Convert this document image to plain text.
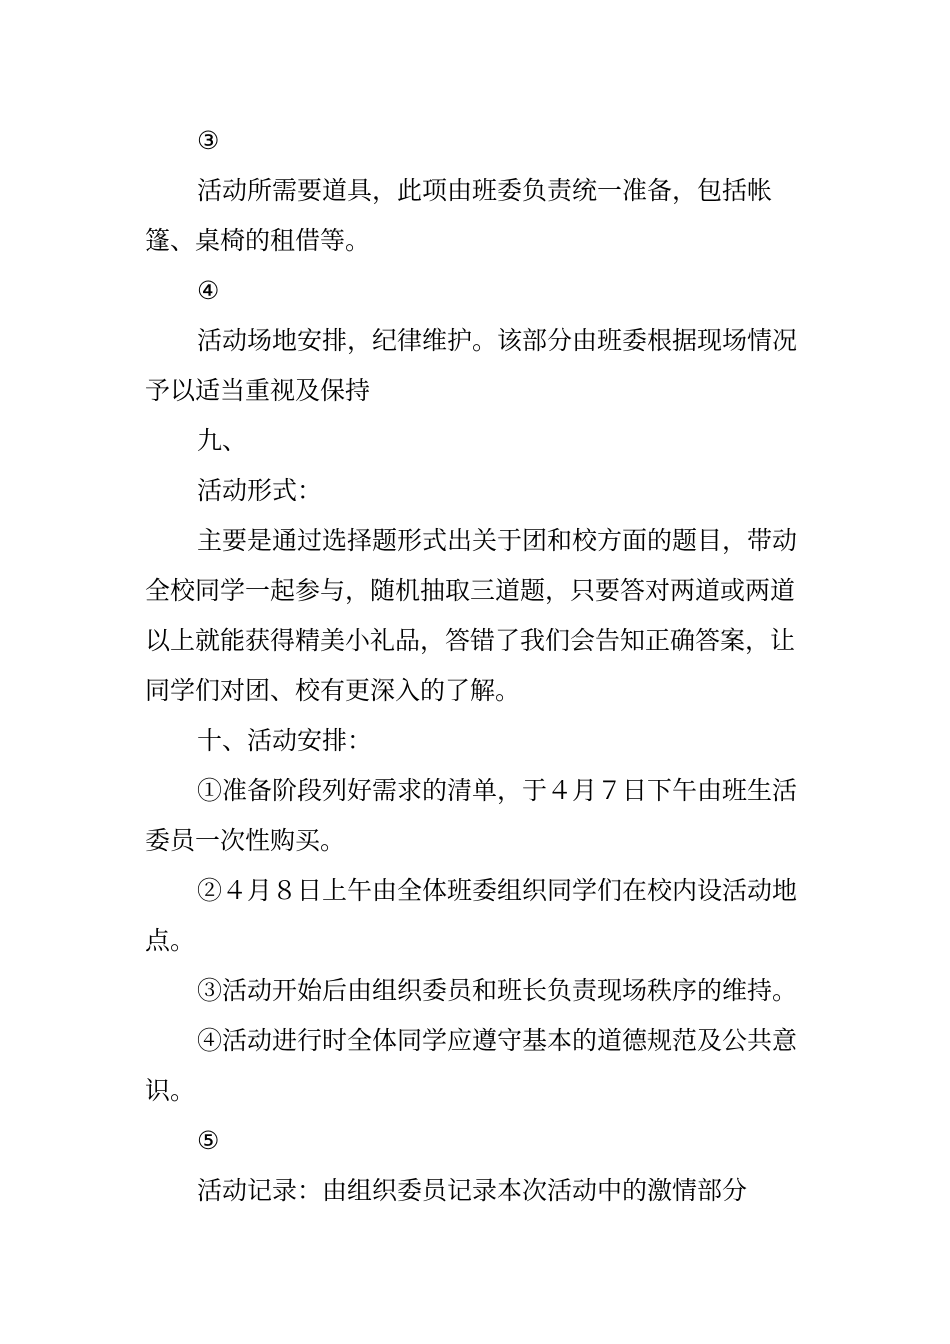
③

活动所需要道具，此项由班委负责统一准备，包括帐篷、桌椅的租借等。

④

活动场地安排，纪律维护。该部分由班委根据现场情况予以适当重视及保持

九、

活动形式：

主要是通过选择题形式出关于团和校方面的题目，带动全校同学一起参与，随机抽取三道题，只要答对两道或两道以上就能获得精美小礼品，答错了我们会告知正确答案，让同学们对团、校有更深入的了解。

十、活动安排：

①准备阶段列好需求的清单，于４月７日下午由班生活委员一次性购买。

②４月８日上午由全体班委组织同学们在校内设活动地点。

③活动开始后由组织委员和班长负责现场秩序的维持。

④活动进行时全体同学应遵守基本的道德规范及公共意识。

⑤

活动记录：由组织委员记录本次活动中的激情部分
